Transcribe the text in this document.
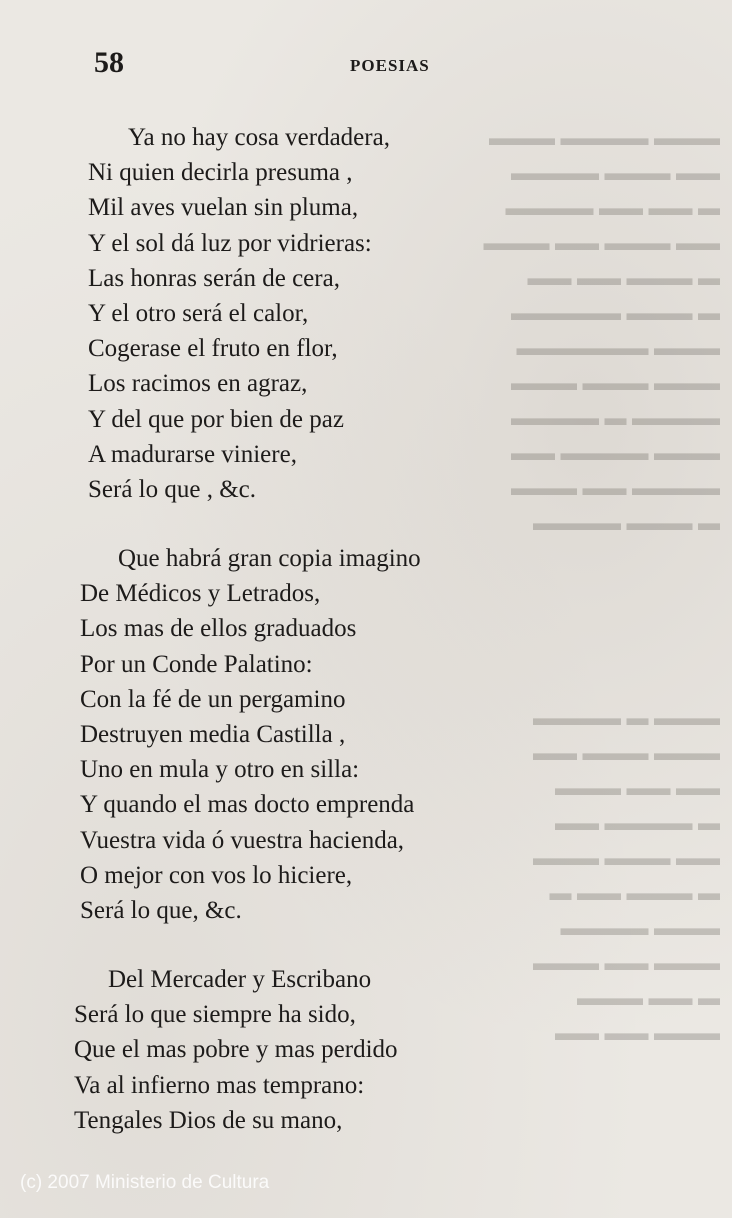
▬▬▬ ▬▬▬▬ ▬▬▬
▬▬ ▬▬▬ ▬▬▬▬
▬ ▬▬ ▬▬ ▬▬▬▬
▬▬ ▬▬▬ ▬▬ ▬▬▬
▬ ▬▬▬ ▬▬ ▬▬
▬ ▬▬▬ ▬▬▬▬▬
▬▬▬ ▬▬▬▬▬▬
▬▬▬ ▬▬▬ ▬▬▬
▬▬▬▬ ▬ ▬▬▬▬
▬▬▬ ▬▬▬▬ ▬▬
▬▬▬▬ ▬▬ ▬▬▬
▬ ▬▬▬ ▬▬▬▬
▬▬▬ ▬ ▬▬▬▬
▬▬▬ ▬▬▬ ▬▬
▬▬ ▬▬ ▬▬▬
▬ ▬▬▬▬ ▬▬
▬▬ ▬▬▬ ▬▬▬
▬ ▬▬▬ ▬▬ ▬
▬▬▬ ▬▬▬▬
▬▬▬ ▬▬ ▬▬▬
▬ ▬▬ ▬▬▬
▬▬▬ ▬▬ ▬▬
58	POESIAS
Ya no hay cosa verdadera,
Ni quien decirla presuma ,
Mil aves vuelan sin pluma,
Y el sol dá luz por vidrieras:
Las honras serán de cera,
Y el otro será el calor,
Cogerase el fruto en flor,
Los racimos en agraz,
Y del que por bien de paz
A madurarse viniere,
Será lo que , &c.
Que habrá gran copia imagino
De Médicos y Letrados,
Los mas de ellos graduados
Por un Conde Palatino:
Con la fé de un pergamino
Destruyen media Castilla ,
Uno en mula y otro en silla:
Y quando el mas docto emprenda
Vuestra vida ó vuestra hacienda,
O mejor con vos lo hiciere,
Será lo que, &c.
Del Mercader y Escribano
Será lo que siempre ha sido,
Que el mas pobre y mas perdido
Va al infierno mas temprano:
Tengales Dios de su mano,
(c) 2007 Ministerio de Cultura
